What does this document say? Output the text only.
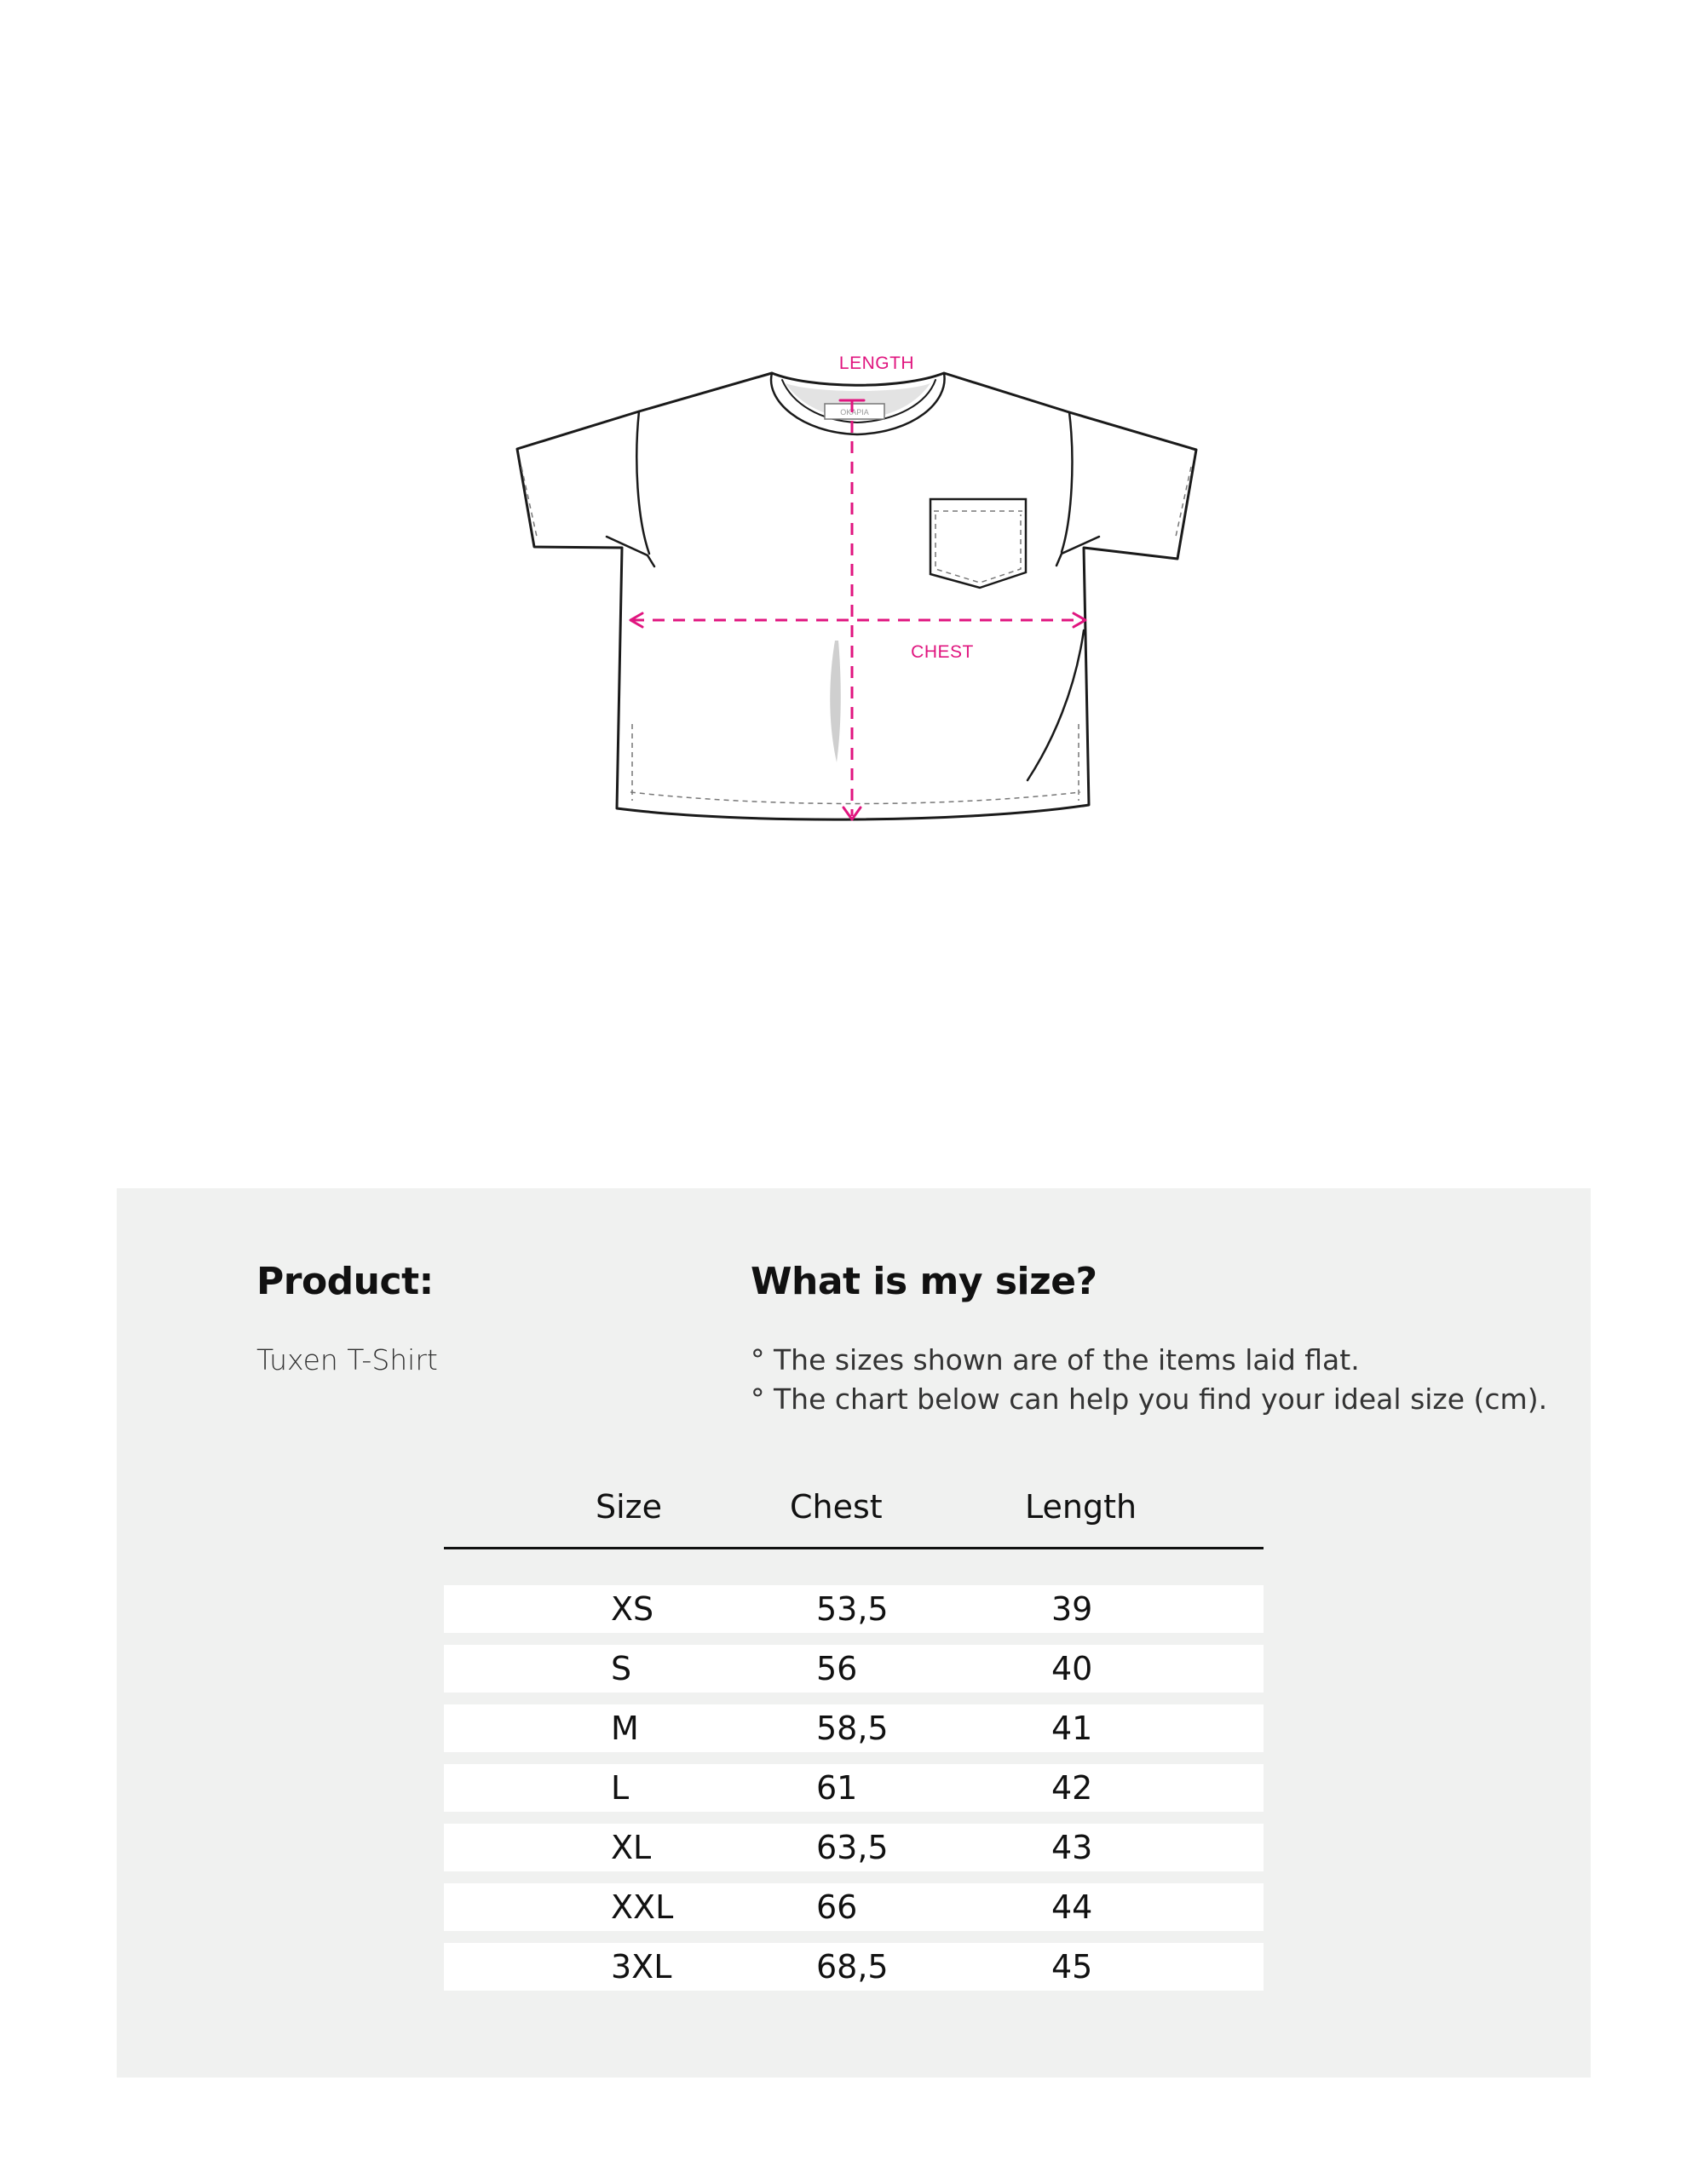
OKAPIA
LENGTH
CHEST
Product:
Tuxen T-Shirt
What is my size?
° The sizes shown are of the items laid flat.
° The chart below can help you find your ideal size (cm).
Size	Chest	Length
XS	53,5	39
S	56	40
M	58,5	41
L	61	42
XL	63,5	43
XXL	66	44
3XL	68,5	45
